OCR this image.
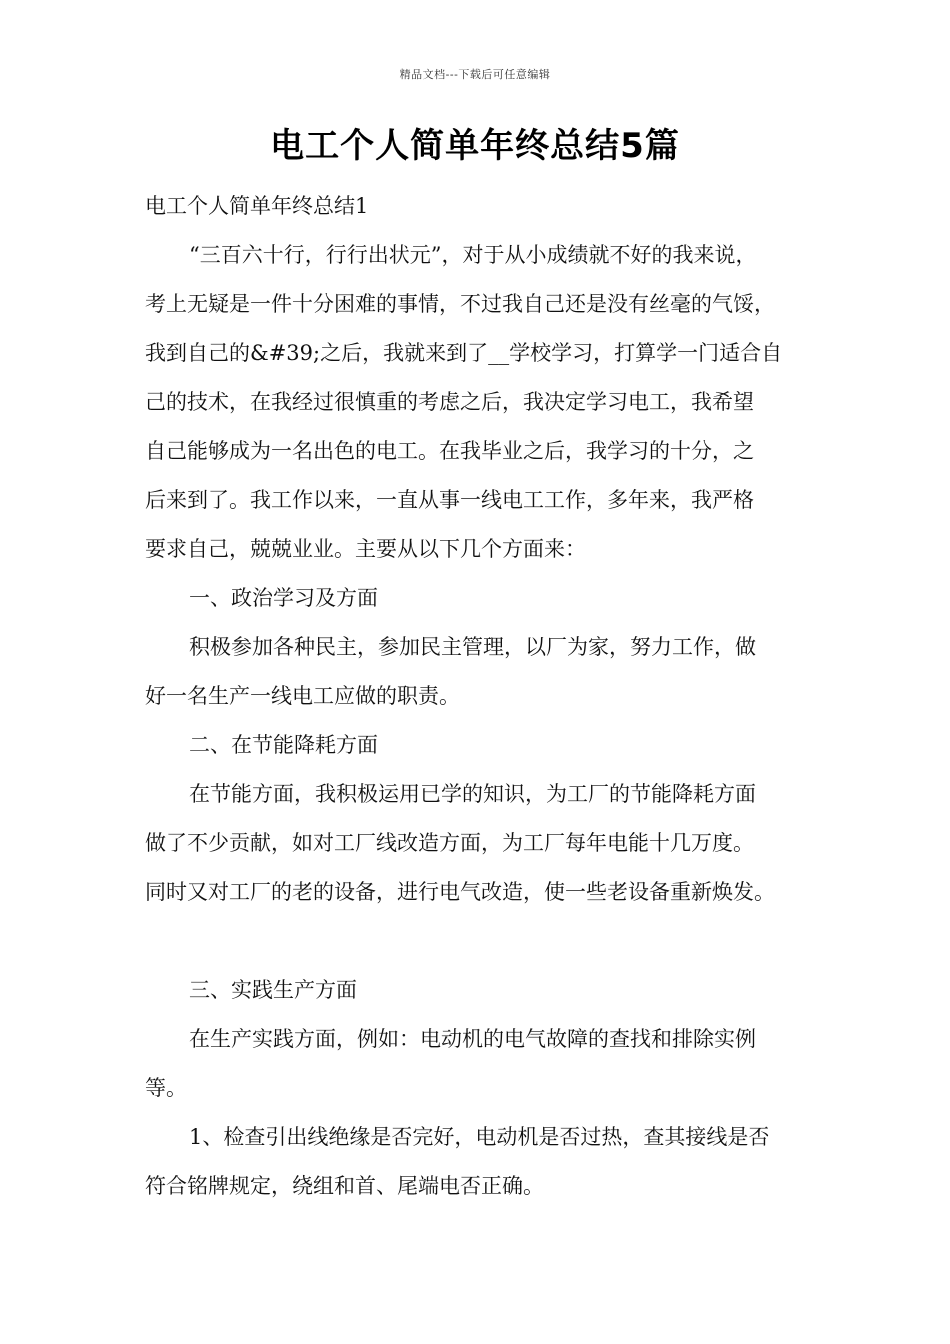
精品文档---下载后可任意编辑
电工个人简单年终总结5篇
电工个人简单年终总结1
“三百六十行，行行出状元”，对于从小成绩就不好的我来说，
考上无疑是一件十分困难的事情，不过我自己还是没有丝毫的气馁，
我到自己的&#39;之后，我就来到了__学校学习，打算学一门适合自
己的技术，在我经过很慎重的考虑之后，我决定学习电工，我希望
自己能够成为一名出色的电工。在我毕业之后，我学习的十分，之
后来到了。我工作以来，一直从事一线电工工作，多年来，我严格
要求自己，兢兢业业。主要从以下几个方面来：
一、政治学习及方面
积极参加各种民主，参加民主管理，以厂为家，努力工作，做
好一名生产一线电工应做的职责。
二、在节能降耗方面
在节能方面，我积极运用已学的知识，为工厂的节能降耗方面
做了不少贡献，如对工厂线改造方面，为工厂每年电能十几万度。
同时又对工厂的老的设备，进行电气改造，使一些老设备重新焕发。
三、实践生产方面
在生产实践方面，例如：电动机的电气故障的查找和排除实例
等。
1、检查引出线绝缘是否完好，电动机是否过热，查其接线是否
符合铭牌规定，绕组和首、尾端电否正确。
